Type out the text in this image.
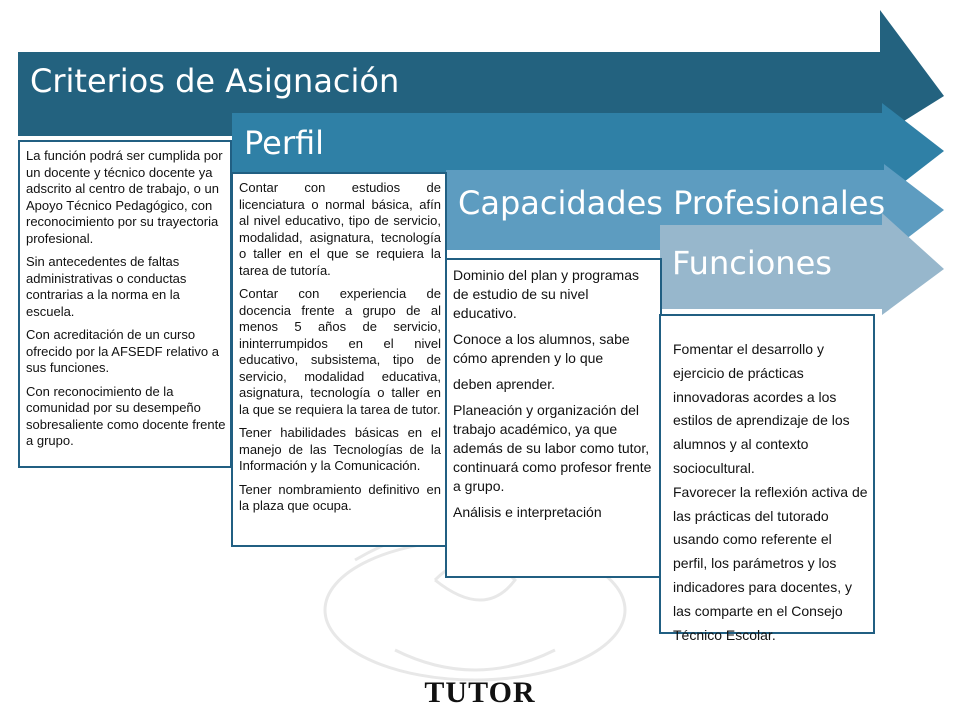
Criterios de Asignación
Perfil
Capacidades Profesionales
Funciones

La función podrá ser cumplida por un docente y técnico docente ya adscrito al centro de trabajo, o un Apoyo Técnico Pedagógico, con reconocimiento por su trayectoria profesional.

Sin antecedentes de faltas administrativas o conductas contrarias a la norma en la escuela.

Con acreditación de un curso ofrecido por la AFSEDF relativo a sus funciones.

Con reconocimiento de la comunidad por su desempeño sobresaliente como docente frente a grupo.

Contar con estudios de licenciatura o normal básica, afín al nivel educativo, tipo de servicio, modalidad, asignatura, tecnología o taller en el que se requiera la tarea de tutoría.

Contar con experiencia de docencia frente a grupo de al menos 5 años de servicio, ininterrumpidos en el nivel educativo, subsistema, tipo de servicio, modalidad educativa, asignatura, tecnología o taller en la que se requiera la tarea de tutor.

Tener habilidades básicas en el manejo de las Tecnologías de la Información y la Comunicación.

Tener nombramiento definitivo en la plaza que ocupa.

Dominio del plan y programas de estudio de su nivel educativo.

Conoce a los alumnos, sabe cómo aprenden y lo que

deben aprender.

Planeación y organización del trabajo académico, ya que además de su labor como tutor, continuará como profesor frente a grupo.

Análisis e interpretación

Fomentar el desarrollo y ejercicio de prácticas innovadoras acordes a los estilos de aprendizaje de los alumnos y al contexto sociocultural.

Favorecer la reflexión activa de las prácticas del tutorado usando como referente el perfil, los parámetros y los indicadores para docentes, y las comparte en el Consejo Técnico Escolar.

TUTOR
